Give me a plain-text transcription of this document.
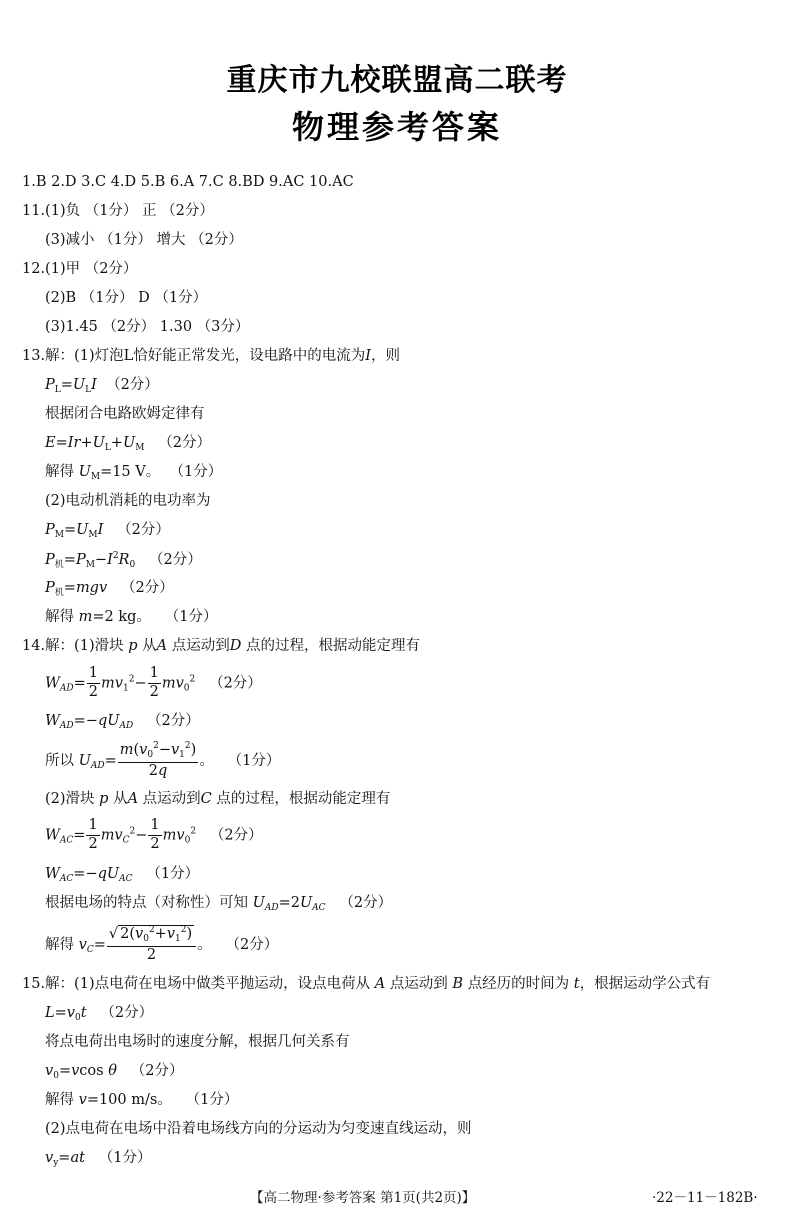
重庆市九校联盟高二联考
物理参考答案
1.B 2.D 3.C 4.D 5.B 6.A 7.C 8.BD 9.AC 10.AC
11.(1)负 （1分） 正 （2分）
(3)减小 （1分） 增大 （2分）
12.(1)甲 （2分）
(2)B （1分） D （1分）
(3)1.45 （2分） 1.30 （3分）
13.解：(1)灯泡L恰好能正常发光，设电路中的电流为I，则
$P_L=U_LI$ （2分）
根据闭合电路欧姆定律有
$E=Ir+U_L+U_M$ （2分）
解得 $U_M=15$ V。 （1分）
(2)电动机消耗的电功率为
$P_M=U_MI$ （2分）
$P_机=P_M-I^2R_0$ （2分）
$P_机=mgv$ （2分）
解得 m=2 kg。 （1分）
14.解：(1)滑块 p 从A 点运动到D 点的过程，根据动能定理有
$W_{AD}= \frac{1}{2} mv_1^2- \frac{1}{2} mv_0^2$ （2分）
$W_{AD}=-qU_{AD}$ （2分）
所以 $U_{AD}= \frac{m(v_0^2-v_1^2)}{2q}$ 。 （1分）
(2)滑块 p 从A 点运动到C 点的过程，根据动能定理有
$W_{AC}= \frac{1}{2} mv_C^2- \frac{1}{2} mv_0^2$ （2分）
$W_{AC}=-qU_{AC}$ （1分）
根据电场的特点（对称性）可知 $U_{AD}=2U_{AC}$ （2分）
解得 $v_C= \frac{√ 2(v_0^2+v_1^2)}{2}$ 。 （2分）
15.解：(1)点电荷在电场中做类平抛运动，设点电荷从 A 点运动到 B 点经历的时间为 t，根据运动学公式有
$L=v_0t$ （2分）
将点电荷出电场时的速度分解，根据几何关系有
$v_0=vcos$ θ （2分）
解得 v=100 m/s。 （1分）
(2)点电荷在电场中沿着电场线方向的分运动为匀变速直线运动，则
$v_y=at$ （1分）
【高二物理·参考答案 第1页(共2页)】	·22－11－182B·
